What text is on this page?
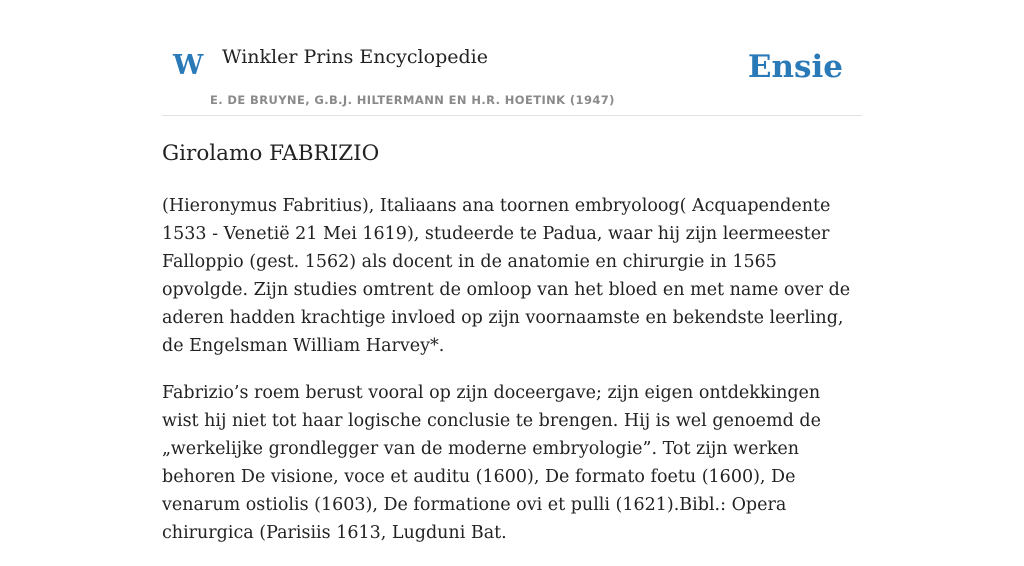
W Winkler Prins Encyclopedie	Ensie
E. DE BRUYNE, G.B.J. HILTERMANN EN H.R. HOETINK (1947)
Girolamo FABRIZIO

(Hieronymus Fabritius), Italiaans ana toornen embryoloog( Acquapendente 1533 - Venetië 21 Mei 1619), studeerde te Padua, waar hij zijn leermeester Falloppio (gest. 1562) als docent in de anatomie en chirurgie in 1565 opvolgde. Zijn studies omtrent de omloop van het bloed en met name over de aderen hadden krachtige invloed op zijn voornaamste en bekendste leerling, de Engelsman William Harvey*.

Fabrizio’s roem berust vooral op zijn doceergave; zijn eigen ontdekkingen wist hij niet tot haar logische conclusie te brengen. Hij is wel genoemd de „werkelijke grondlegger van de moderne embryologie”. Tot zijn werken behoren De visione, voce et auditu (1600), De formato foetu (1600), De venarum ostiolis (1603), De formatione ovi et pulli (1621).Bibl.: Opera chirurgica (Parisiis 1613, Lugduni Bat.
